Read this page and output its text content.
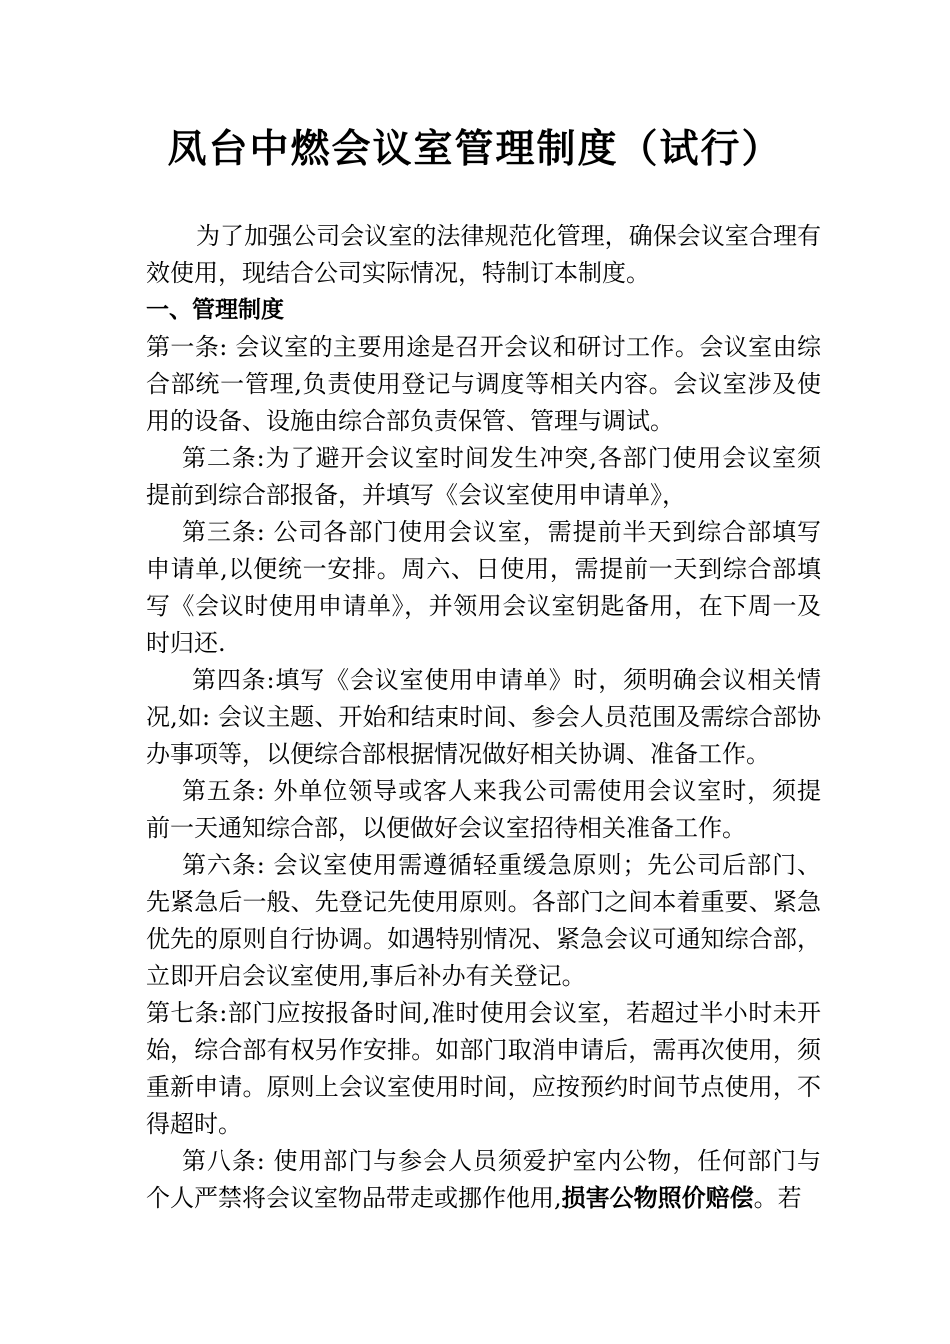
凤台中燃会议室管理制度（试行）

为了加强公司会议室的法律规范化管理，确保会议室合理有效使用，现结合公司实际情况，特制订本制度。

一、管理制度

第一条: 会议室的主要用途是召开会议和研讨工作。会议室由综合部统一管理,负责使用登记与调度等相关内容。会议室涉及使用的设备、设施由综合部负责保管、管理与调试。

第二条:为了避开会议室时间发生冲突,各部门使用会议室须提前到综合部报备，并填写《会议室使用申请单》，

第三条: 公司各部门使用会议室，需提前半天到综合部填写申请单,以便统一安排。周六、日使用，需提前一天到综合部填写《会议时使用申请单》，并领用会议室钥匙备用，在下周一及时归还.

第四条:填写《会议室使用申请单》时，须明确会议相关情况,如: 会议主题、开始和结束时间、参会人员范围及需综合部协办事项等，以便综合部根据情况做好相关协调、准备工作。

第五条: 外单位领导或客人来我公司需使用会议室时，须提前一天通知综合部，以便做好会议室招待相关准备工作。

第六条: 会议室使用需遵循轻重缓急原则；先公司后部门、先紧急后一般、先登记先使用原则。各部门之间本着重要、紧急优先的原则自行协调。如遇特别情况、紧急会议可通知综合部，立即开启会议室使用,事后补办有关登记。

第七条:部门应按报备时间,准时使用会议室，若超过半小时未开始，综合部有权另作安排。如部门取消申请后，需再次使用，须重新申请。原则上会议室使用时间，应按预约时间节点使用，不得超时。

第八条: 使用部门与参会人员须爱护室内公物，任何部门与个人严禁将会议室物品带走或挪作他用,损害公物照价赔偿。若
